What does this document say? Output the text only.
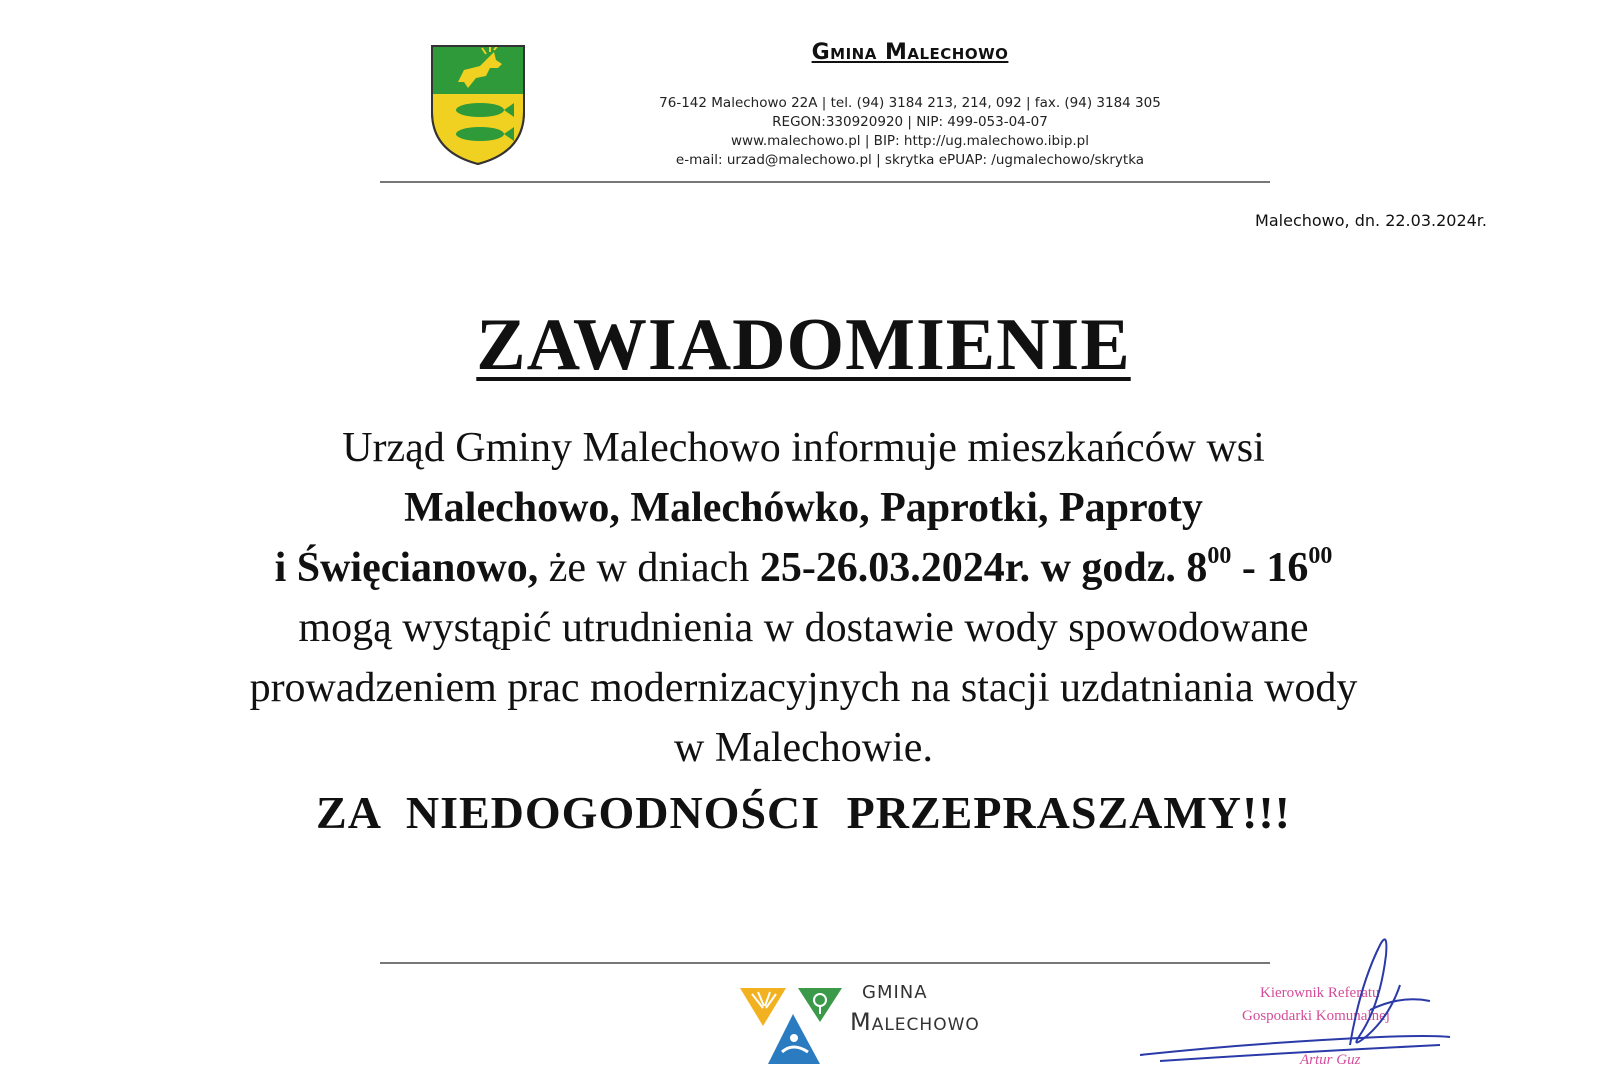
Gmina Malechowo
76-142 Malechowo 22A | tel. (94) 3184 213, 214, 092 | fax. (94) 3184 305
REGON:330920920 | NIP: 499-053-04-07
www.malechowo.pl | BIP: http://ug.malechowo.ibip.pl
e-mail: urzad@malechowo.pl | skrytka ePUAP: /ugmalechowo/skrytka
Malechowo, dn. 22.03.2024r.
ZAWIADOMIENIE
Urząd Gminy Malechowo informuje mieszkańców wsi
Malechowo, Malechówko, Paprotki, Paproty
i Święcianowo, że w dniach 25-26.03.2024r. w godz. $8^{00} - 16^{00}$
mogą wystąpić utrudnienia w dostawie wody spowodowane
prowadzeniem prac modernizacyjnych na stacji uzdatniania wody
w Malechowie.
ZA NIEDOGODNOŚCI PRZEPRASZAMY!!!
GMINA
Malechowo
Kierownik Referatu
Gospodarki Komunalnej
Artur Guz
